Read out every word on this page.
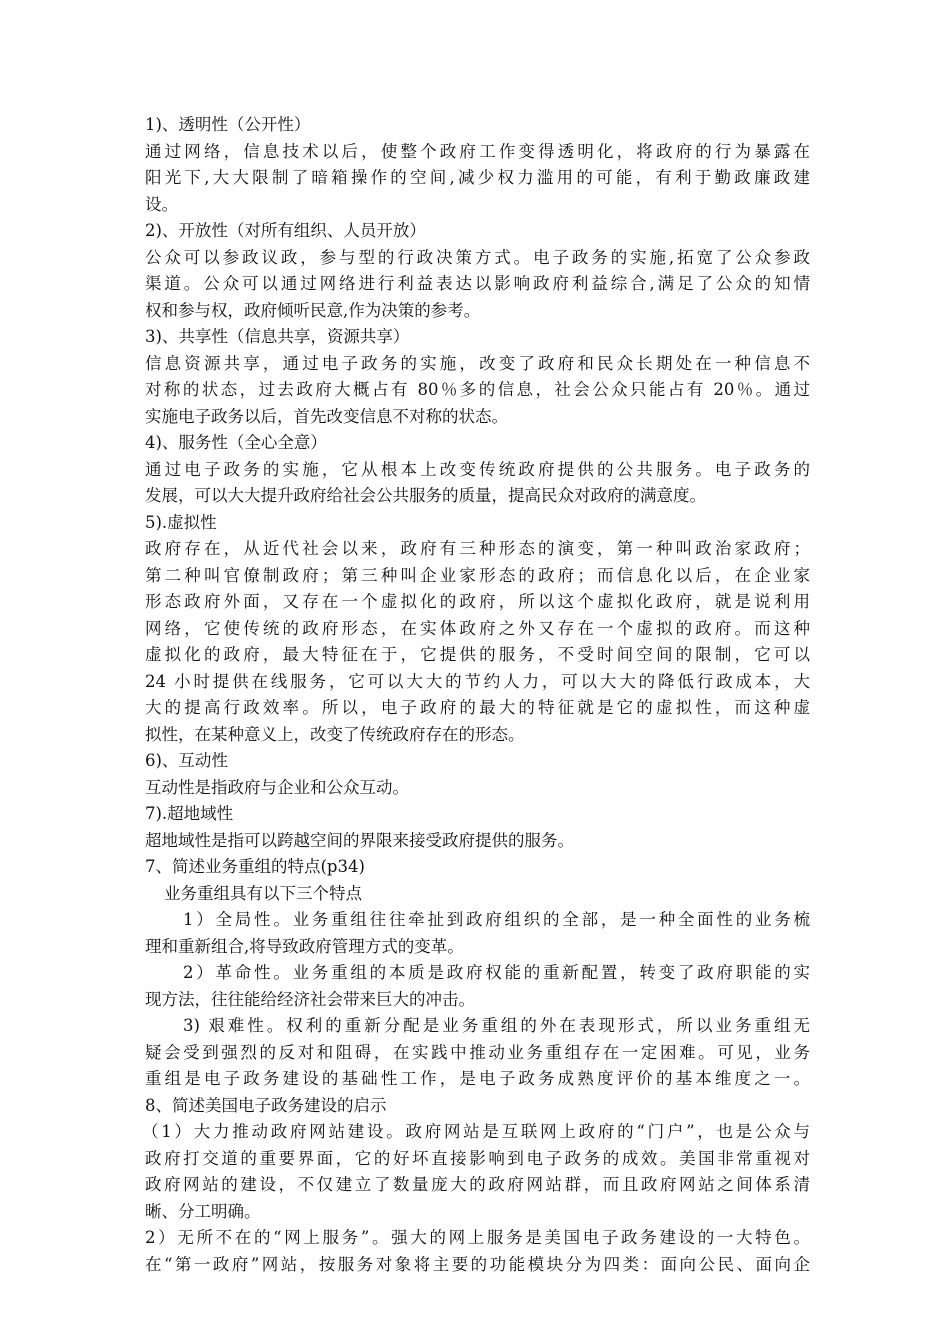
1)、透明性（公开性）
通过网络，信息技术以后，使整个政府工作变得透明化，将政府的行为暴露在
阳光下,大大限制了暗箱操作的空间,减少权力滥用的可能，有利于勤政廉政建
设。
2)、开放性（对所有组织、人员开放）
公众可以参政议政，参与型的行政决策方式。电子政务的实施,拓宽了公众参政
渠道。公众可以通过网络进行利益表达以影响政府利益综合,满足了公众的知情
权和参与权，政府倾听民意,作为决策的参考。
3)、共享性（信息共享，资源共享）
信息资源共享，通过电子政务的实施，改变了政府和民众长期处在一种信息不
对称的状态，过去政府大概占有 80％多的信息，社会公众只能占有 20％。通过
实施电子政务以后，首先改变信息不对称的状态。
4)、服务性（全心全意）
通过电子政务的实施，它从根本上改变传统政府提供的公共服务。电子政务的
发展，可以大大提升政府给社会公共服务的质量，提高民众对政府的满意度。
5).虚拟性
政府存在，从近代社会以来，政府有三种形态的演变，第一种叫政治家政府；
第二种叫官僚制政府；第三种叫企业家形态的政府；而信息化以后，在企业家
形态政府外面，又存在一个虚拟化的政府，所以这个虚拟化政府，就是说利用
网络，它使传统的政府形态，在实体政府之外又存在一个虚拟的政府。而这种
虚拟化的政府，最大特征在于，它提供的服务，不受时间空间的限制，它可以
24 小时提供在线服务，它可以大大的节约人力，可以大大的降低行政成本，大
大的提高行政效率。所以，电子政府的最大的特征就是它的虚拟性，而这种虚
拟性，在某种意义上，改变了传统政府存在的形态。
6)、互动性
互动性是指政府与企业和公众互动。
7).超地域性
超地域性是指可以跨越空间的界限来接受政府提供的服务。
7、简述业务重组的特点(p34)
业务重组具有以下三个特点
1）全局性。业务重组往往牵扯到政府组织的全部，是一种全面性的业务梳
理和重新组合,将导致政府管理方式的变革。
2）革命性。业务重组的本质是政府权能的重新配置，转变了政府职能的实
现方法，往往能给经济社会带来巨大的冲击。
3) 艰难性。权利的重新分配是业务重组的外在表现形式，所以业务重组无
疑会受到强烈的反对和阻碍，在实践中推动业务重组存在一定困难。可见，业务
重组是电子政务建设的基础性工作，是电子政务成熟度评价的基本维度之一。
8、简述美国电子政务建设的启示
（1）大力推动政府网站建设。政府网站是互联网上政府的“门户”，也是公众与
政府打交道的重要界面，它的好坏直接影响到电子政务的成效。美国非常重视对
政府网站的建设，不仅建立了数量庞大的政府网站群，而且政府网站之间体系清
晰、分工明确。
2）无所不在的“网上服务”。强大的网上服务是美国电子政务建设的一大特色。
在“第一政府”网站，按服务对象将主要的功能模块分为四类：面向公民、面向企
